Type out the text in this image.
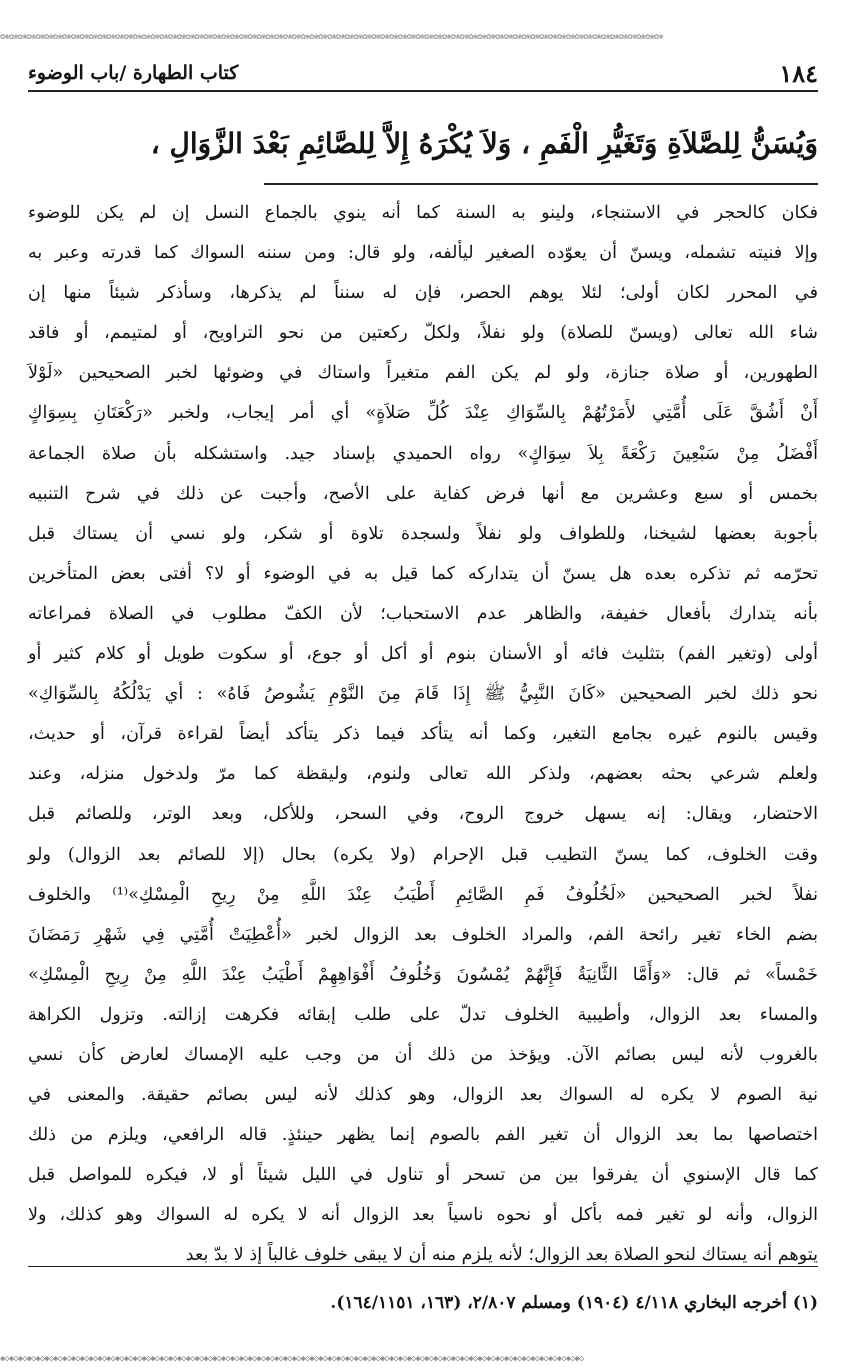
✿❀✿❀✿❀✿❀✿❀✿❀✿❀✿❀✿❀✿❀✿❀✿❀✿❀✿❀✿❀✿❀✿❀✿❀✿❀✿❀✿❀✿❀✿❀✿❀✿❀✿❀✿❀✿❀✿❀✿❀✿❀✿❀✿❀✿❀✿❀✿❀✿❀✿❀✿❀✿❀✿❀✿❀✿❀✿❀✿❀✿❀✿❀✿❀✿❀✿❀✿❀✿❀✿❀✿❀✿❀✿❀✿❀✿❀✿❀✿❀✿❀✿❀✿❀✿❀✿❀✿❀✿❀✿❀✿❀✿❀✿❀✿❀✿❀✿❀✿❀
١٨٤
كتاب الطهارة /باب الوضوء
وَيُسَنُّ لِلصَّلاَةِ وَتَغَيُّرِ الْفَمِ ، وَلاَ يُكْرَهُ إِلاَّ لِلصَّائِمِ بَعْدَ الزَّوَالِ ،
فكان كالحجر في الاستنجاء، ولينو به السنة كما أنه ينوي بالجماع النسل إن لم يكن للوضوء
وإلا فنيته تشمله، ويسنّ أن يعوّده الصغير ليألفه، ولو قال: ومن سننه السواك كما قدرته وعبر به
في المحرر لكان أولى؛ لئلا يوهم الحصر، فإن له سنناً لم يذكرها، وسأذكر شيئاً منها إن
شاء الله تعالى (ويسنّ للصلاة) ولو نفلاً، ولكلّ ركعتين من نحو التراويح، أو لمتيمم، أو فاقد
الطهورين، أو صلاة جنازة، ولو لم يكن الفم متغيراً واستاك في وضوئها لخبر الصحيحين «لَوْلاَ
أَنْ أَشُقَّ عَلَى أُمَّتِي لأَمَرْتُهُمْ بِالسِّوَاكِ عِنْدَ كُلِّ صَلاَةٍ» أي أمر إيجاب، ولخبر «رَكْعَتَانِ بِسِوَاكٍ
أَفْضَلُ مِنْ سَبْعِينَ رَكْعَةً بِلاَ سِوَاكٍ» رواه الحميدي بإسناد جيد. واستشكله بأن صلاة الجماعة
بخمس أو سبع وعشرين مع أنها فرض كفاية على الأصح، وأجبت عن ذلك في شرح التنبيه
بأجوبة بعضها لشيخنا، وللطواف ولو نفلاً ولسجدة تلاوة أو شكر، ولو نسي أن يستاك قبل
تحرّمه ثم تذكره بعده هل يسنّ أن يتداركه كما قيل به في الوضوء أو لا؟ أفتى بعض المتأخرين
بأنه يتدارك بأفعال خفيفة، والظاهر عدم الاستحباب؛ لأن الكفّ مطلوب في الصلاة فمراعاته
أولى (وتغير الفم) بتثليث فائه أو الأسنان بنوم أو أكل أو جوع، أو سكوت طويل أو كلام كثير أو
نحو ذلك لخبر الصحيحين «كَانَ النَّبِيُّ ﷺ إِذَا قَامَ مِنَ النَّوْمِ يَشُوصُ فَاهُ» : أي يَدْلُكُهُ بِالسِّوَاكِ»
وقيس بالنوم غيره بجامع التغير، وكما أنه يتأكد فيما ذكر يتأكد أيضاً لقراءة قرآن، أو حديث،
ولعلم شرعي بحثه بعضهم، ولذكر الله تعالى ولنوم، وليقظة كما مرّ ولدخول منزله، وعند
الاحتضار، ويقال: إنه يسهل خروج الروح، وفي السحر، وللأكل، وبعد الوتر، وللصائم قبل
وقت الخلوف، كما يسنّ التطيب قبل الإحرام (ولا يكره) بحال (إلا للصائم بعد الزوال) ولو
نفلاً لخبر الصحيحين «لَخُلُوفُ فَمِ الصَّائِمِ أَطْيَبُ عِنْدَ اللَّهِ مِنْ رِيحِ الْمِسْكِ»⁽¹⁾ والخلوف
بضم الخاء تغير رائحة الفم، والمراد الخلوف بعد الزوال لخبر «أُعْطِيَتْ أُمَّتِي فِي شَهْرِ رَمَضَانَ
خَمْساً» ثم قال: «وَأَمَّا الثَّانِيَةُ فَإِنَّهُمْ يُمْسُونَ وَخُلُوفُ أَفْوَاهِهِمْ أَطْيَبُ عِنْدَ اللَّهِ مِنْ رِيحِ الْمِسْكِ»
والمساء بعد الزوال، وأطيبية الخلوف تدلّ على طلب إبقائه فكرهت إزالته. وتزول الكراهة
بالغروب لأنه ليس بصائم الآن. ويؤخذ من ذلك أن من وجب عليه الإمساك لعارض كأن نسي
نية الصوم لا يكره له السواك بعد الزوال، وهو كذلك لأنه ليس بصائم حقيقة. والمعنى في
اختصاصها بما بعد الزوال أن تغير الفم بالصوم إنما يظهر حينئذٍ. قاله الرافعي، ويلزم من ذلك
كما قال الإسنوي أن يفرقوا بين من تسحر أو تناول في الليل شيئاً أو لا، فيكره للمواصل قبل
الزوال، وأنه لو تغير فمه بأكل أو نحوه ناسياً بعد الزوال أنه لا يكره له السواك وهو كذلك، ولا
يتوهم أنه يستاك لنحو الصلاة بعد الزوال؛ لأنه يلزم منه أن لا يبقى خلوف غالباً إذ لا بدّ بعد
(١) أخرجه البخاري ٤/١١٨ (١٩٠٤) ومسلم ٢/٨٠٧، (١٦٣، ١٦٤/١١٥١).
◈◇◈◇◈◇◈◇◈◇◈◇◈◇◈◇◈◇◈◇◈◇◈◇◈◇◈◇◈◇◈◇◈◇◈◇◈◇◈◇◈◇◈◇◈◇◈◇◈◇◈◇◈◇◈◇◈◇◈◇◈◇◈◇◈◇◈◇◈◇◈◇◈◇◈◇◈◇◈◇◈◇◈◇◈◇◈◇◈◇◈◇◈◇◈◇◈◇◈◇◈◇◈◇◈◇◈◇◈◇◈◇◈◇◈◇◈◇◈◇◈◇◈◇◈◇◈◇◈◇◈◇
